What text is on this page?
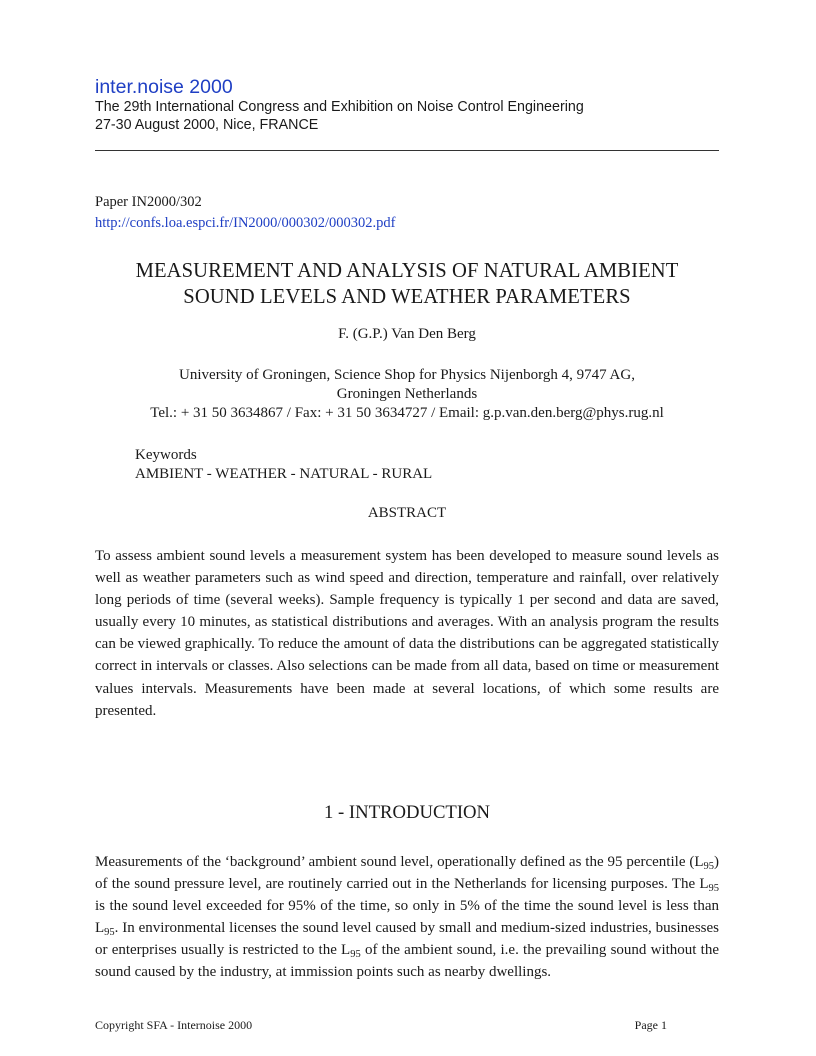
inter.noise 2000
The 29th International Congress and Exhibition on Noise Control Engineering
27-30 August 2000, Nice, FRANCE
Paper IN2000/302
http://confs.loa.espci.fr/IN2000/000302/000302.pdf
MEASUREMENT AND ANALYSIS OF NATURAL AMBIENT
SOUND LEVELS AND WEATHER PARAMETERS
F. (G.P.) Van Den Berg
University of Groningen, Science Shop for Physics Nijenborgh 4, 9747 AG,
Groningen Netherlands
Tel.: + 31 50 3634867 / Fax: + 31 50 3634727 / Email: g.p.van.den.berg@phys.rug.nl
Keywords
AMBIENT - WEATHER - NATURAL - RURAL
ABSTRACT

To assess ambient sound levels a measurement system has been developed to measure sound levels as well as weather parameters such as wind speed and direction, temperature and rainfall, over relatively long periods of time (several weeks). Sample frequency is typically 1 per second and data are saved, usually every 10 minutes, as statistical distributions and averages. With an analysis program the results can be viewed graphically. To reduce the amount of data the distributions can be aggregated statistically correct in intervals or classes. Also selections can be made from all data, based on time or measurement values intervals. Measurements have been made at several locations, of which some results are presented.

1 - INTRODUCTION

Measurements of the ‘background’ ambient sound level, operationally defined as the 95 percentile $(L_{95})$ of the sound pressure level, are routinely carried out in the Netherlands for licensing purposes. The $L_{95}$ is the sound level exceeded for 95% of the time, so only in 5% of the time the sound level is less than $L_{95}$. In environmental licenses the sound level caused by small and medium-sized industries, businesses or enterprises usually is restricted to the $L_{95}$ of the ambient sound, i.e. the prevailing sound without the sound caused by the industry, at immission points such as nearby dwellings.

Copyright SFA - Internoise 2000	Page 1
